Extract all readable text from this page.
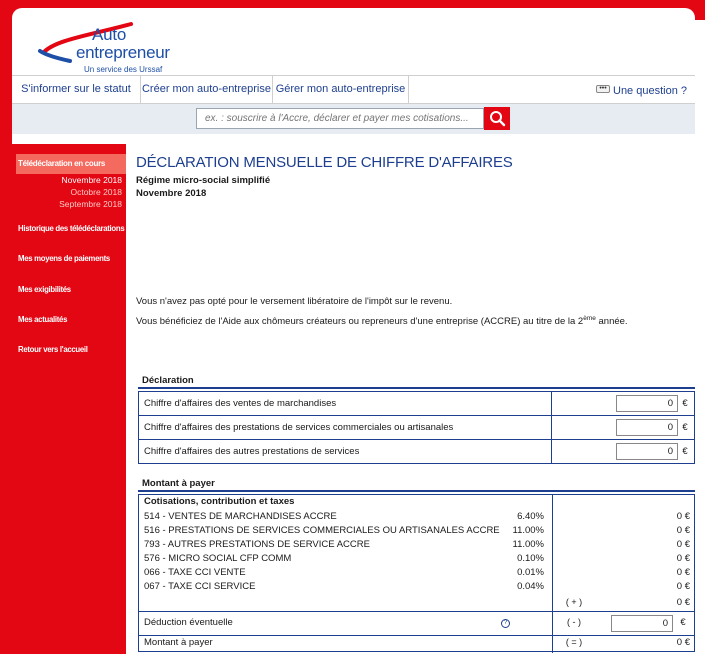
Auto
entrepreneur
Un service des Urssaf
S'informer sur le statut	Créer mon auto-entreprise Gérer mon auto-entreprise	••• Une question ?
ex. : souscrire à l'Accre, déclarer et payer mes cotisations...
Télédéclaration en cours
Novembre 2018
Octobre 2018
Septembre 2018
Historique des télédéclarations
Mes moyens de paiements
Mes exigibilités
Mes actualités
Retour vers l'accueil
DÉCLARATION MENSUELLE DE CHIFFRE D'AFFAIRES
Régime micro-social simplifié
Novembre 2018
Vous n'avez pas opté pour le versement libératoire de l'impôt sur le revenu.
Vous bénéficiez de l'Aide aux chômeurs créateurs ou repreneurs d'une entreprise (ACCRE) au titre de la 2ème année.
Déclaration
Chiffre d'affaires des ventes de marchandises	0 €
Chiffre d'affaires des prestations de services commerciales ou artisanales	0 €
Chiffre d'affaires des autres prestations de services	0 €
Montant à payer
Cotisations, contribution et taxes
514 - VENTES DE MARCHANDISES ACCRE	6.40%	0 €
516 - PRESTATIONS DE SERVICES COMMERCIALES OU ARTISANALES ACCRE 11.00%	0 €
793 - AUTRES PRESTATIONS DE SERVICE ACCRE	11.00%	0 €
576 - MICRO SOCIAL CFP COMM	0.10%	0 €
066 - TAXE CCI VENTE	0.01%	0 €
067 - TAXE CCI SERVICE	0.04%	0 €
( + )	0 €
Déduction éventuelle	?	( - )	0	€
Montant à payer	( = )	0 €
